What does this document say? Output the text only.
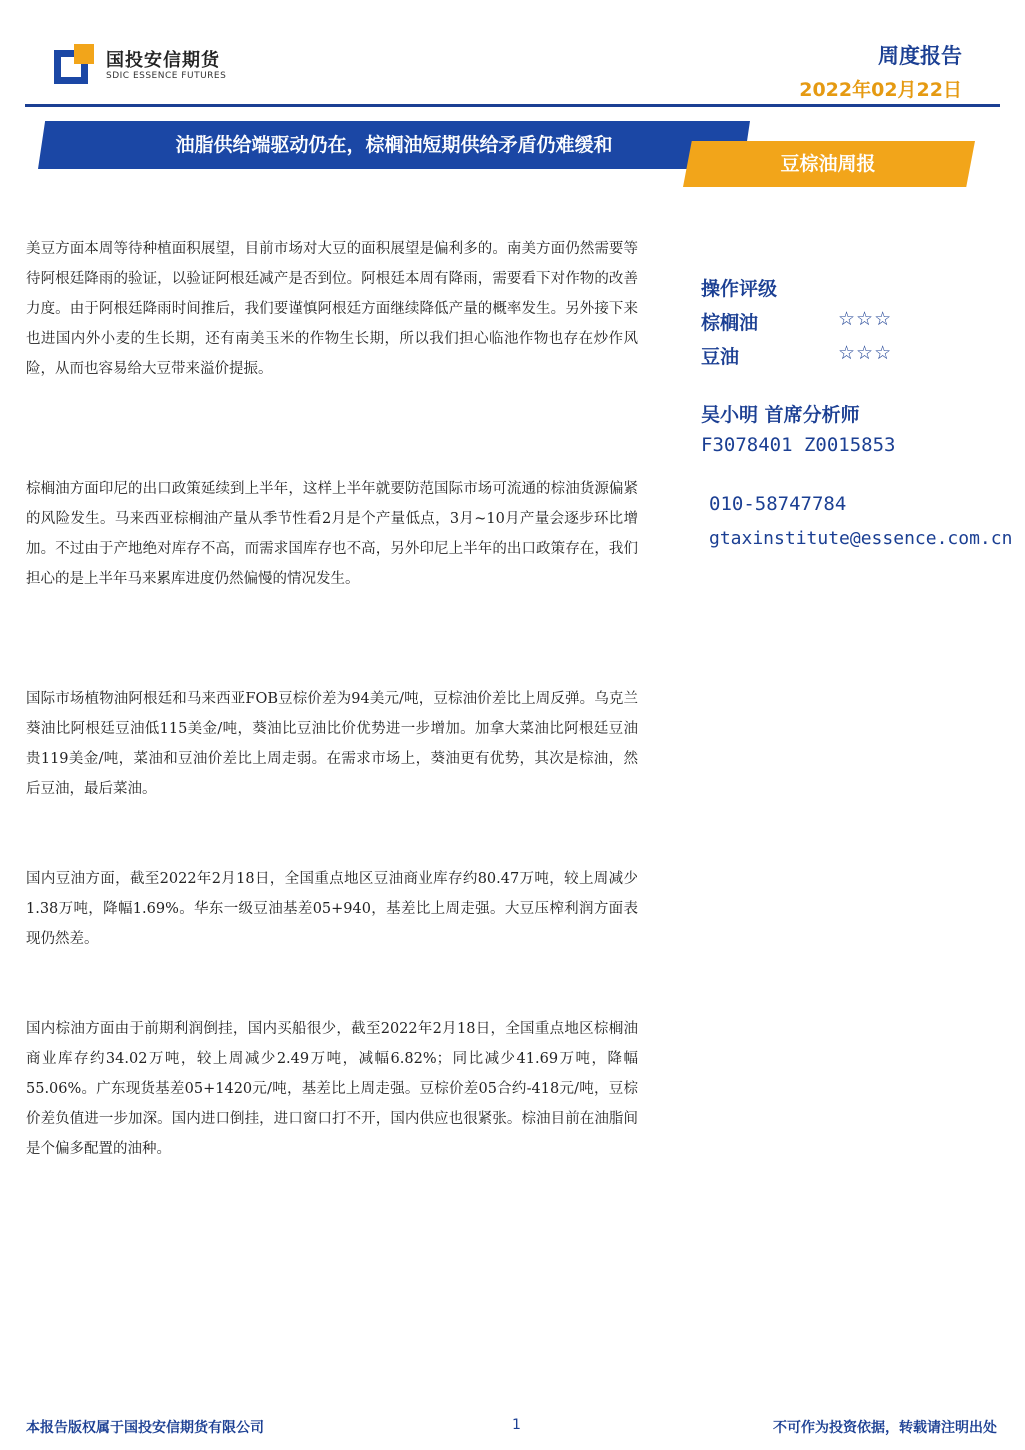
国投安信期货
SDIC ESSENCE FUTURES
周度报告
2022年02月22日
油脂供给端驱动仍在，棕榈油短期供给矛盾仍难缓和
豆棕油周报
美豆方面本周等待种植面积展望，目前市场对大豆的面积展望是偏利多的。南美方面仍然需要等待阿根廷降雨的验证，以验证阿根廷减产是否到位。阿根廷本周有降雨，需要看下对作物的改善力度。由于阿根廷降雨时间推后，我们要谨慎阿根廷方面继续降低产量的概率发生。另外接下来也进国内外小麦的生长期，还有南美玉米的作物生长期，所以我们担心临池作物也存在炒作风险，从而也容易给大豆带来溢价提振。
棕榈油方面印尼的出口政策延续到上半年，这样上半年就要防范国际市场可流通的棕油货源偏紧的风险发生。马来西亚棕榈油产量从季节性看2月是个产量低点，3月~10月产量会逐步环比增加。不过由于产地绝对库存不高，而需求国库存也不高，另外印尼上半年的出口政策存在，我们担心的是上半年马来累库进度仍然偏慢的情况发生。
国际市场植物油阿根廷和马来西亚FOB豆棕价差为94美元/吨，豆棕油价差比上周反弹。乌克兰葵油比阿根廷豆油低115美金/吨，葵油比豆油比价优势进一步增加。加拿大菜油比阿根廷豆油贵119美金/吨，菜油和豆油价差比上周走弱。在需求市场上，葵油更有优势，其次是棕油，然后豆油，最后菜油。
国内豆油方面，截至2022年2月18日，全国重点地区豆油商业库存约80.47万吨，较上周减少1.38万吨，降幅1.69%。华东一级豆油基差05+940，基差比上周走强。大豆压榨利润方面表现仍然差。
国内棕油方面由于前期利润倒挂，国内买船很少，截至2022年2月18日，全国重点地区棕榈油商业库存约34.02万吨，较上周减少2.49万吨，减幅6.82%；同比减少41.69万吨，降幅55.06%。广东现货基差05+1420元/吨，基差比上周走强。豆棕价差05合约-418元/吨，豆棕价差负值进一步加深。国内进口倒挂，进口窗口打不开，国内供应也很紧张。棕油目前在油脂间是个偏多配置的油种。
操作评级
棕榈油	☆☆☆
豆油	☆☆☆
吴小明 首席分析师
F3078401 Z0015853
010-58747784
gtaxinstitute@essence.com.cn
本报告版权属于国投安信期货有限公司	1	不可作为投资依据，转载请注明出处
